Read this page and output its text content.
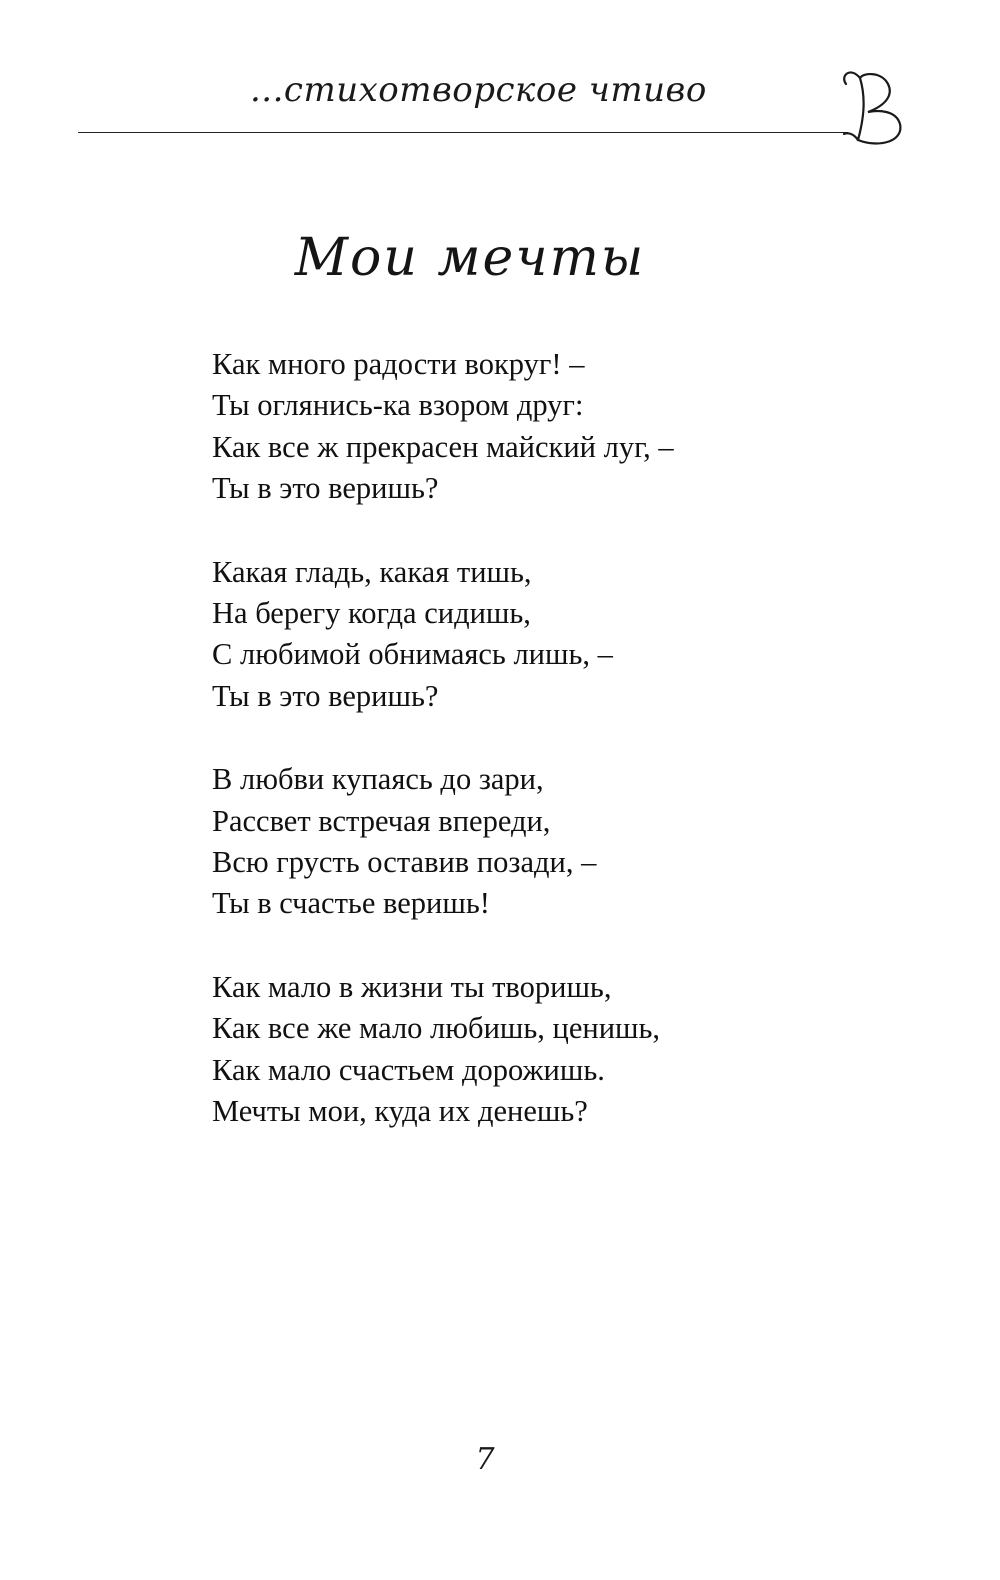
...стихотворское чтиво
Мои мечты
Как много радости вокруг! –
Ты оглянись-ка взором друг:
Как все ж прекрасен майский луг, –
Ты в это веришь?
Какая гладь, какая тишь,
На берегу когда сидишь,
С любимой обнимаясь лишь, –
Ты в это веришь?
В любви купаясь до зари,
Рассвет встречая впереди,
Всю грусть оставив позади, –
Ты в счастье веришь!
Как мало в жизни ты творишь,
Как все же мало любишь, ценишь,
Как мало счастьем дорожишь.
Мечты мои, куда их денешь?
7
